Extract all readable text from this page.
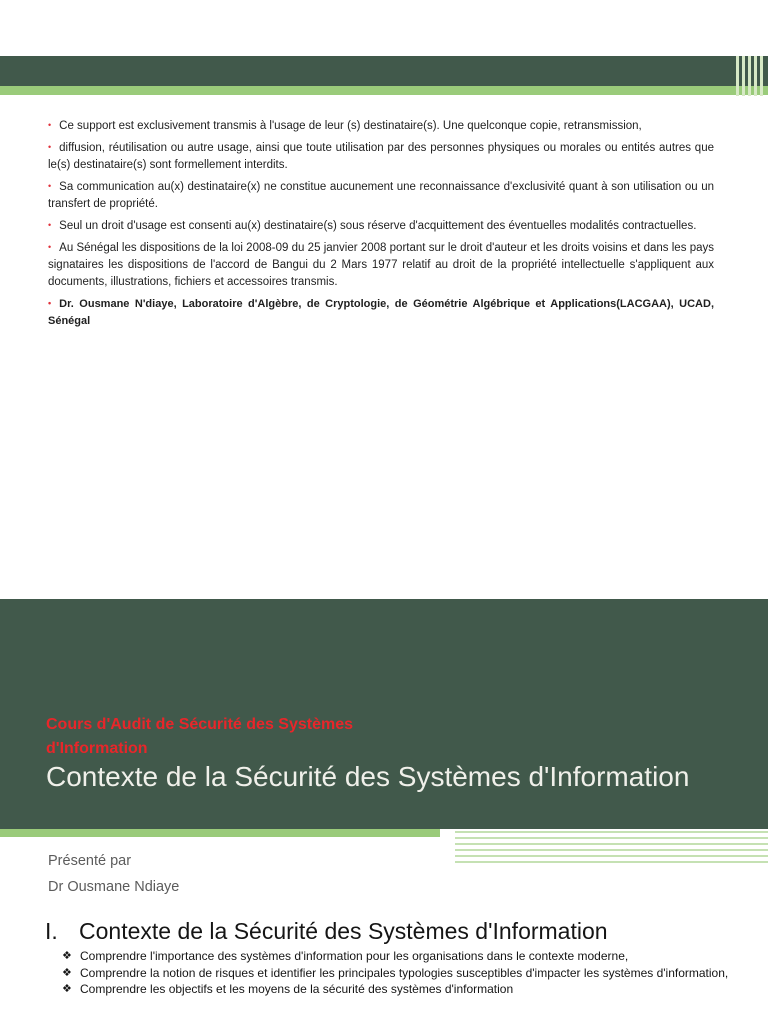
• Ce support est exclusivement transmis à l'usage de leur (s) destinataire(s). Une quelconque copie, retransmission,

• diffusion, réutilisation ou autre usage, ainsi que toute utilisation par des personnes physiques ou morales ou entités autres que le(s) destinataire(s) sont formellement interdits.

• Sa communication au(x) destinataire(x) ne constitue aucunement une reconnaissance d'exclusivité quant à son utilisation ou un transfert de propriété.

• Seul un droit d'usage est consenti au(x) destinataire(s) sous réserve d'acquittement des éventuelles modalités contractuelles.

• Au Sénégal les dispositions de la loi 2008-09 du 25 janvier 2008 portant sur le droit d'auteur et les droits voisins et dans les pays signataires les dispositions de l'accord de Bangui du 2 Mars 1977 relatif au droit de la propriété intellectuelle s'appliquent aux documents, illustrations, fichiers et accessoires transmis.

• Dr. Ousmane N'diaye, Laboratoire d'Algèbre, de Cryptologie, de Géométrie Algébrique et Applications(LACGAA), UCAD, Sénégal

Cours d'Audit de Sécurité des Systèmes d'Information
Contexte de la Sécurité des Systèmes d'Information
Présenté par
Dr Ousmane Ndiaye
I. Contexte de la Sécurité des Systèmes d'Information
❖ Comprendre l'importance des systèmes d'information pour les organisations dans le contexte moderne,
❖ Comprendre la notion de risques et identifier les principales typologies susceptibles d'impacter les systèmes d'information,
❖ Comprendre les objectifs et les moyens de la sécurité des systèmes d'information
